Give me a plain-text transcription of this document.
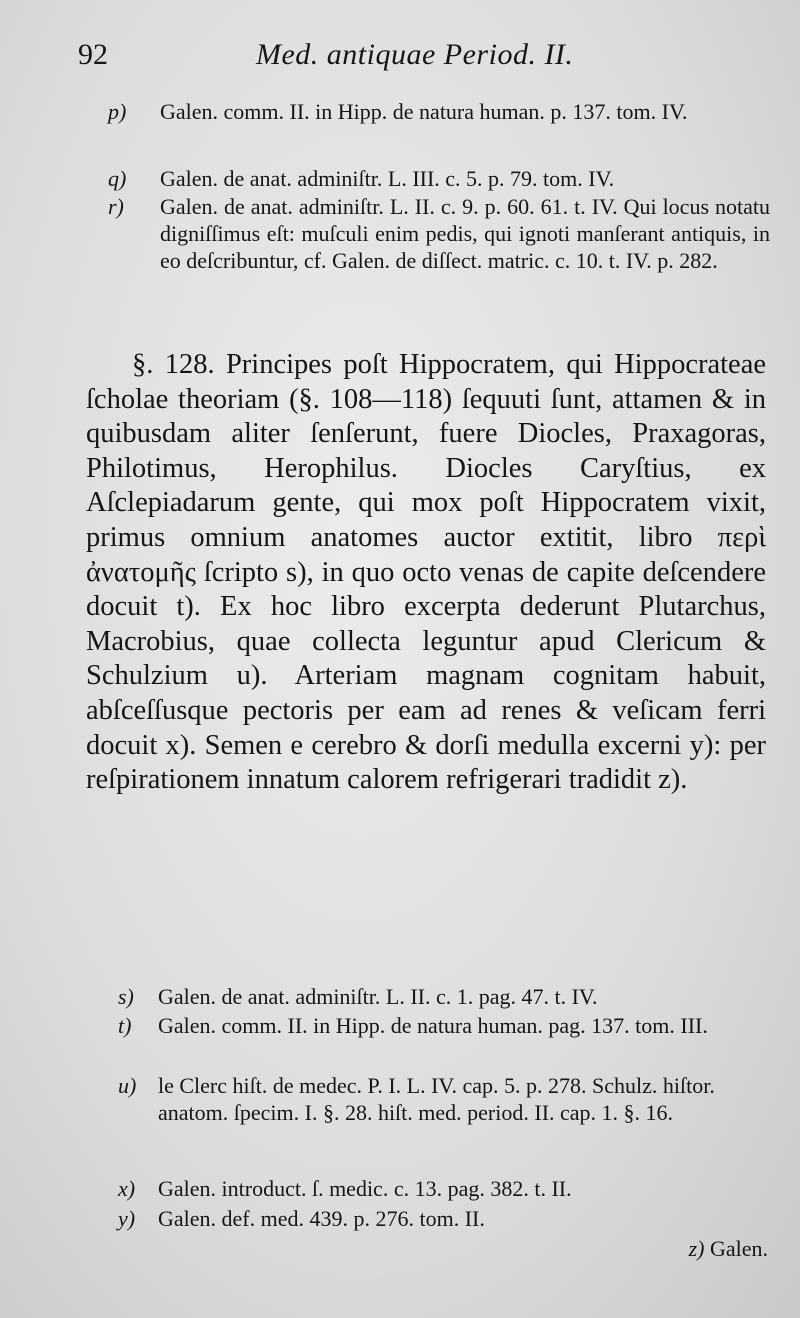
92	Med. antiquae Period. II.
p)	Galen. comm. II. in Hipp. de natura human. p. 137. tom. IV.
q)	Galen. de anat. adminiſtr. L. III. c. 5. p. 79. tom. IV.
r)	Galen. de anat. adminiſtr. L. II. c. 9. p. 60. 61. t. IV. Qui locus notatu digniſſimus eſt: muſculi enim pedis, qui ignoti manſerant antiquis, in eo deſcribuntur, cf. Galen. de diſſect. matric. c. 10. t. IV. p. 282.
§. 128. Principes poſt Hippocratem, qui Hippocrateae ſcholae theoriam (§. 108—118) ſequuti ſunt, attamen & in quibusdam aliter ſenſerunt, fuere Diocles, Praxagoras, Philotimus, Herophilus. Diocles Caryſtius, ex Aſclepiadarum gente, qui mox poſt Hippocratem vixit, primus omnium anatomes auctor extitit, libro περὶ ἀνατομῆς ſcripto s), in quo octo venas de capite deſcendere docuit t). Ex hoc libro excerpta dederunt Plutarchus, Macrobius, quae collecta leguntur apud Clericum & Schulzium u). Arteriam magnam cognitam habuit, abſceſſusque pectoris per eam ad renes & veſicam ferri docuit x). Semen e cerebro & dorſi medulla excerni y): per reſpirationem innatum calorem refrigerari tradidit z).
s)	Galen. de anat. adminiſtr. L. II. c. 1. pag. 47. t. IV.
t)	Galen. comm. II. in Hipp. de natura human. pag. 137. tom. III.
u) le Clerc hiſt. de medec. P. I. L. IV. cap. 5. p. 278. Schulz. hiſtor. anatom. ſpecim. I. §. 28. hiſt. med. period. II. cap. 1. §. 16.
x)	Galen. introduct. ſ. medic. c. 13. pag. 382. t. II.
y)	Galen. def. med. 439. p. 276. tom. II.
z) Galen.
